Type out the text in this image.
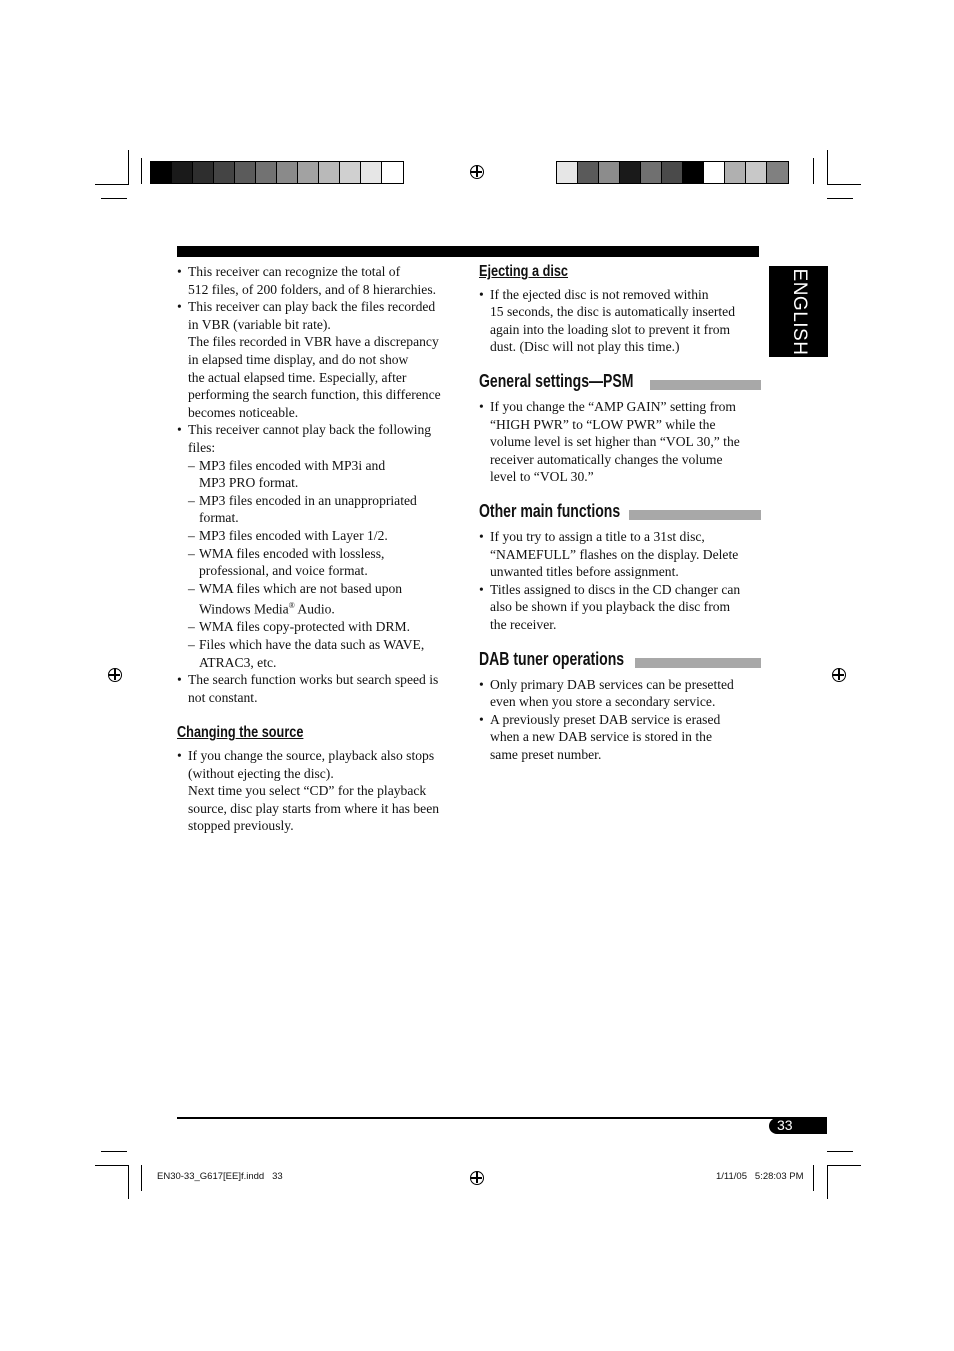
ENGLISH
• This receiver can recognize the total of
512 files, of 200 folders, and of 8 hierarchies.
• This receiver can play back the files recorded
in VBR (variable bit rate).
The files recorded in VBR have a discrepancy
in elapsed time display, and do not show
the actual elapsed time. Especially, after
performing the search function, this difference
becomes noticeable.
• This receiver cannot play back the following
files:
– MP3 files encoded with MP3i and
MP3 PRO format.
– MP3 files encoded in an unappropriated
format.
– MP3 files encoded with Layer 1/2.
– WMA files encoded with lossless,
professional, and voice format.
– WMA files which are not based upon
Windows Media® Audio.
– WMA files copy-protected with DRM.
– Files which have the data such as WAVE,
ATRAC3, etc.
• The search function works but search speed is
not constant.
Changing the source
• If you change the source, playback also stops
(without ejecting the disc).
Next time you select “CD” for the playback
source, disc play starts from where it has been
stopped previously.
Ejecting a disc
• If the ejected disc is not removed within
15 seconds, the disc is automatically inserted
again into the loading slot to prevent it from
dust. (Disc will not play this time.)
General settings—PSM
• If you change the “AMP GAIN” setting from
“HIGH PWR” to “LOW PWR” while the
volume level is set higher than “VOL 30,” the
receiver automatically changes the volume
level to “VOL 30.”
Other main functions
• If you try to assign a title to a 31st disc,
“NAMEFULL” flashes on the display. Delete
unwanted titles before assignment.
• Titles assigned to discs in the CD changer can
also be shown if you playback the disc from
the receiver.
DAB tuner operations
• Only primary DAB services can be presetted
even when you store a secondary service.
• A previously preset DAB service is erased
when a new DAB service is stored in the
same preset number.
33
EN30-33_G617[EE]f.indd   33	1/11/05   5:28:03 PM
